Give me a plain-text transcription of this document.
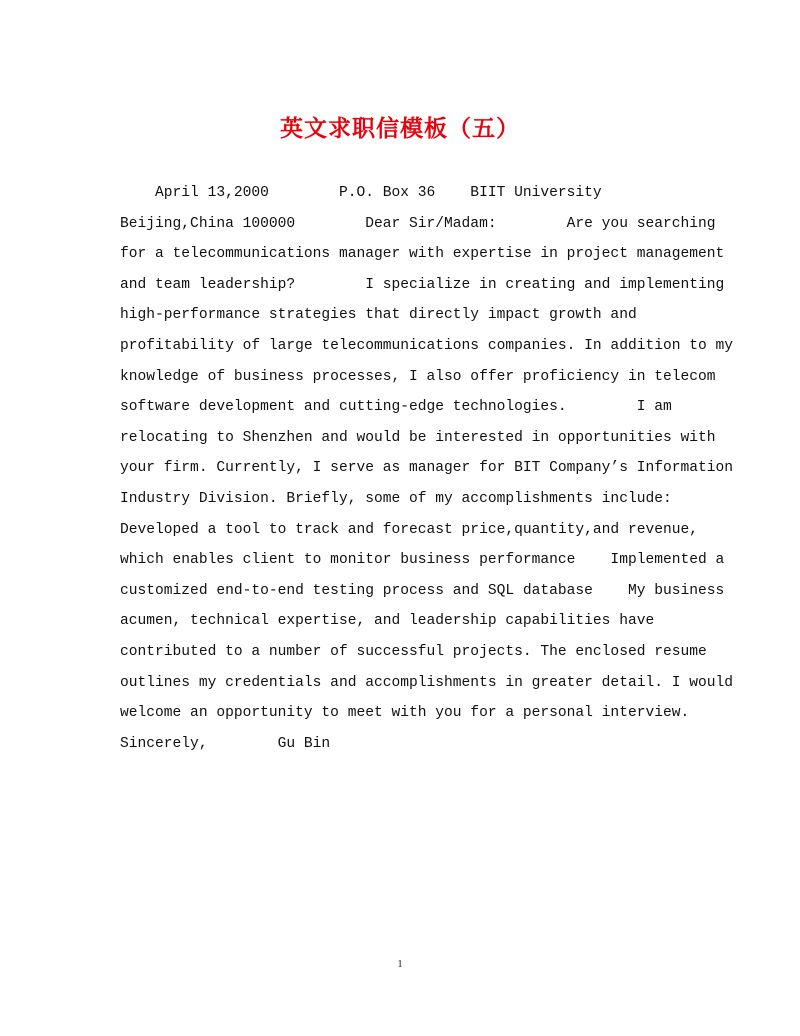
英文求职信模板（五）
April 13,2000        P.O. Box 36    BIIT University
Beijing,China 100000        Dear Sir/Madam:        Are you searching
for a telecommunications manager with expertise in project management
and team leadership?        I specialize in creating and implementing
high-performance strategies that directly impact growth and
profitability of large telecommunications companies. In addition to my
knowledge of business processes, I also offer proficiency in telecom
software development and cutting-edge technologies.        I am
relocating to Shenzhen and would be interested in opportunities with
your firm. Currently, I serve as manager for BIT Company’s Information
Industry Division. Briefly, some of my accomplishments include:
Developed a tool to track and forecast price,quantity,and revenue,
which enables client to monitor business performance    Implemented a
customized end-to-end testing process and SQL database    My business
acumen, technical expertise, and leadership capabilities have
contributed to a number of successful projects. The enclosed resume
outlines my credentials and accomplishments in greater detail. I would
welcome an opportunity to meet with you for a personal interview.
Sincerely,        Gu Bin
1
